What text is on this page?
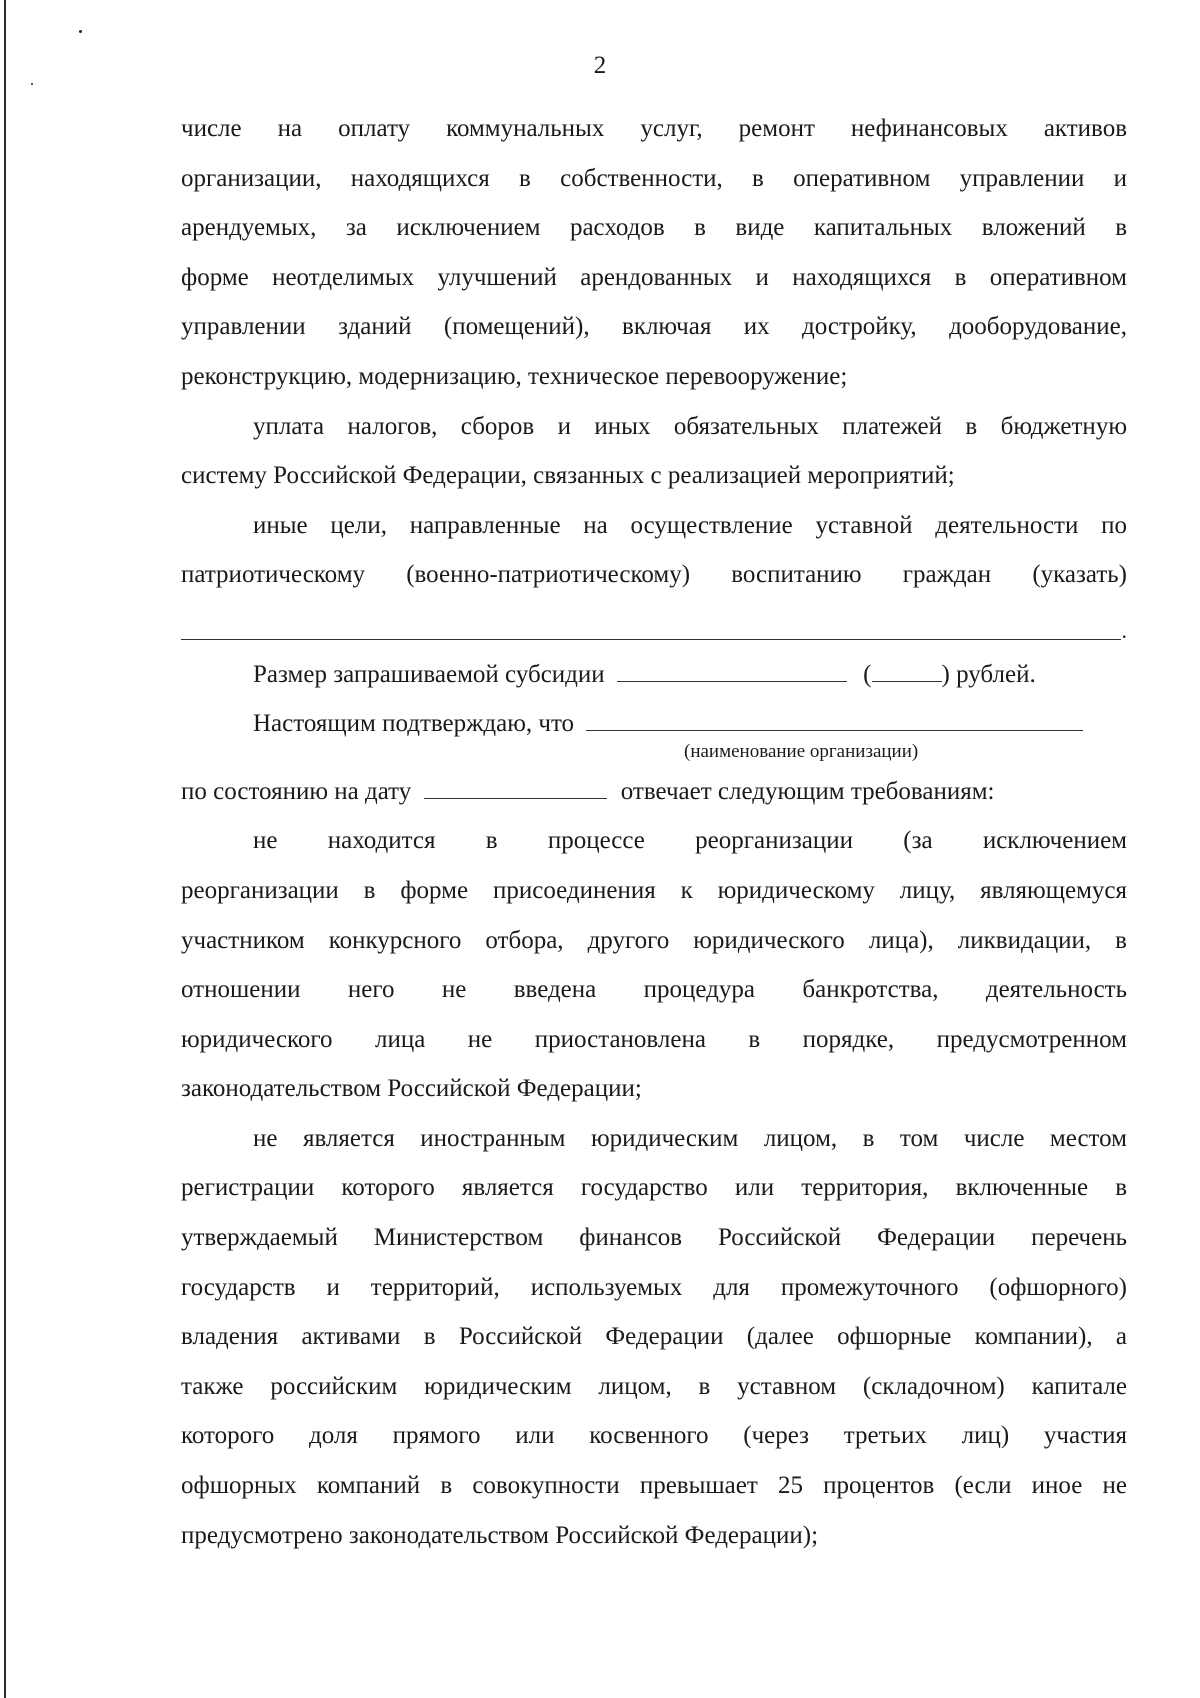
2
числе на оплату коммунальных услуг, ремонт нефинансовых активов
организации, находящихся в собственности, в оперативном управлении и
арендуемых, за исключением расходов в виде капитальных вложений в
форме неотделимых улучшений арендованных и находящихся в оперативном
управлении зданий (помещений), включая их достройку, дооборудование,
реконструкцию, модернизацию, техническое перевооружение;
уплата налогов, сборов и иных обязательных платежей в бюджетную
систему Российской Федерации, связанных с реализацией мероприятий;
иные цели, направленные на осуществление уставной деятельности по
патриотическому (военно-патриотическому) воспитанию граждан (указать)
.
Размер запрашиваемой субсидии	(	) рублей.
Настоящим подтверждаю, что
(наименование организации)
по состоянию на дату	отвечает следующим требованиям:
не находится в процессе реорганизации (за исключением
реорганизации в форме присоединения к юридическому лицу, являющемуся
участником конкурсного отбора, другого юридического лица), ликвидации, в
отношении него не введена процедура банкротства, деятельность
юридического лица не приостановлена в порядке, предусмотренном
законодательством Российской Федерации;
не является иностранным юридическим лицом, в том числе местом
регистрации которого является государство или территория, включенные в
утверждаемый Министерством финансов Российской Федерации перечень
государств и территорий, используемых для промежуточного (офшорного)
владения активами в Российской Федерации (далее офшорные компании), а
также российским юридическим лицом, в уставном (складочном) капитале
которого доля прямого или косвенного (через третьих лиц) участия
офшорных компаний в совокупности превышает 25 процентов (если иное не
предусмотрено законодательством Российской Федерации);
